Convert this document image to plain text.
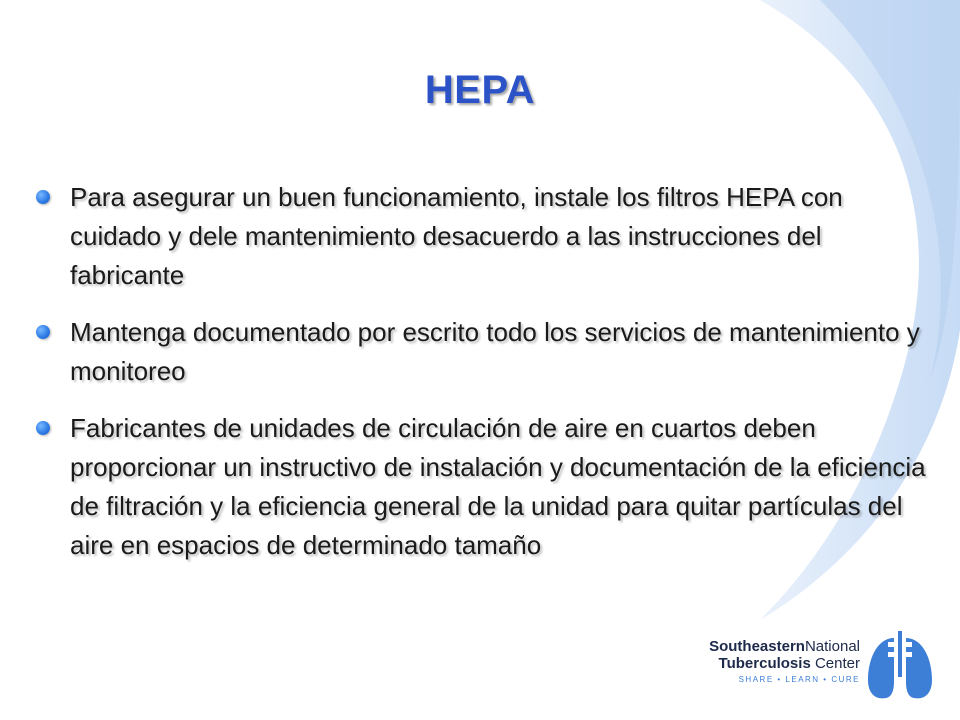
HEPA
Para asegurar un buen funcionamiento, instale los filtros HEPA con cuidado y dele mantenimiento desacuerdo a las instrucciones del fabricante
Mantenga documentado por escrito todo los servicios de mantenimiento y monitoreo
Fabricantes de unidades de circulación de aire en cuartos deben proporcionar un instructivo de instalación y documentación de la eficiencia de filtración y la eficiencia general de la unidad para quitar partículas del aire en espacios de determinado tamaño
SoutheasternNational
Tuberculosis Center
SHARE • LEARN • CURE
